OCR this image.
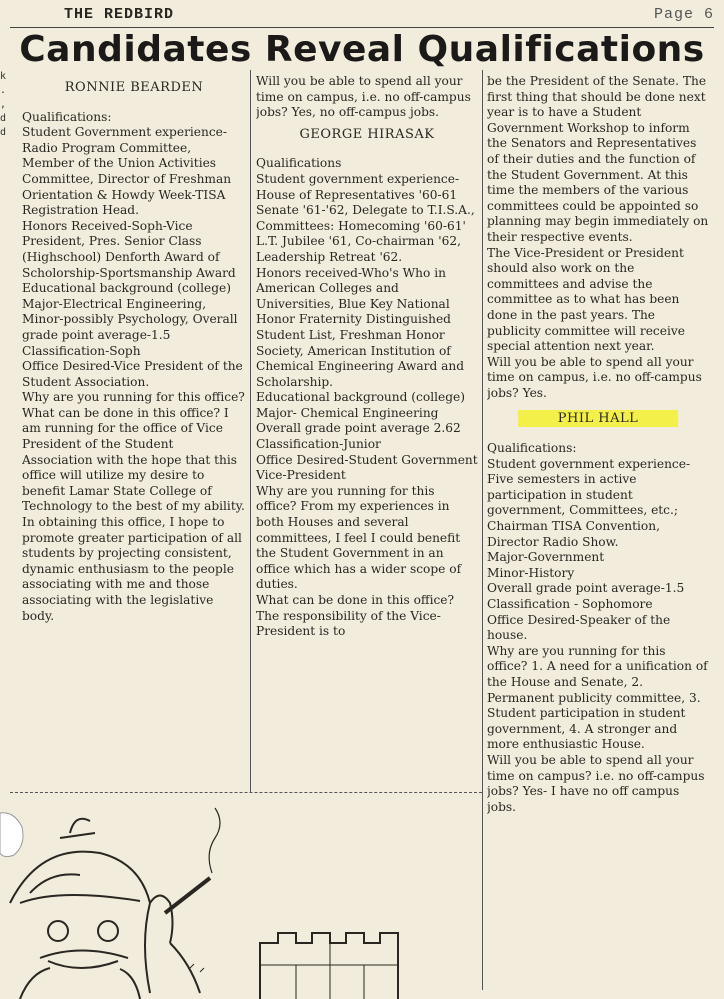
THE REDBIRD	Page 6
Candidates Reveal Qualifications

k
.
,
d
d

RONNIE BEARDEN

Qualifications:
Student Government experience-Radio Program Committee, Member of the Union Activities Committee, Director of Freshman Orientation & Howdy Week-TISA Registration Head.
Honors Received-Soph-Vice President, Pres. Senior Class (Highschool) Denforth Award of Scholorship-Sportsmanship Award
Educational background (college) Major-Electrical Engineering, Minor-possibly Psychology, Overall grade point average-1.5
Classification-Soph
Office Desired-Vice President of the Student Association.
Why are you running for this office? What can be done in this office? I am running for the office of Vice President of the Student Association with the hope that this office will utilize my desire to benefit Lamar State College of Technology to the best of my ability. In obtaining this office, I hope to promote greater participation of all students by projecting consistent, dynamic enthusiasm to the people associating with me and those associating with the legislative body.

Will you be able to spend all your time on campus, i.e. no off-campus jobs? Yes, no off-campus jobs.

GEORGE HIRASAK

Qualifications
Student government experience- House of Representatives '60-61 Senate '61-'62, Delegate to T.I.S.A., Committees: Homecoming '60-61' L.T. Jubilee '61, Co-chairman '62, Leadership Retreat '62.
Honors received-Who's Who in American Colleges and Universities, Blue Key National Honor Fraternity Distinguished Student List, Freshman Honor Society, American Institution of Chemical Engineering Award and Scholarship.
Educational background (college) Major- Chemical Engineering
Overall grade point average 2.62
Classification-Junior
Office Desired-Student Government Vice-President
Why are you running for this office? From my experiences in both Houses and several committees, I feel I could benefit the Student Government in an office which has a wider scope of duties.
What can be done in this office? The responsibility of the Vice-President is to

be the President of the Senate. The first thing that should be done next year is to have a Student Government Workshop to inform the Senators and Representatives of their duties and the function of the Student Government. At this time the members of the various committees could be appointed so planning may begin immediately on their respective events.
The Vice-President or President should also work on the committees and advise the committee as to what has been done in the past years. The publicity committee will receive special attention next year.
Will you be able to spend all your time on campus, i.e. no off-campus jobs? Yes.

PHIL HALL

Qualifications:
Student government experience-Five semesters in active participation in student government, Committees, etc.; Chairman TISA Convention, Director Radio Show.
Major-Government
Minor-History
Overall grade point average-1.5
Classification - Sophomore
Office Desired-Speaker of the house.
Why are you running for this office? 1. A need for a unification of the House and Senate, 2. Permanent publicity committee, 3. Student participation in student government, 4. A stronger and more enthusiastic House.
Will you be able to spend all your time on campus? i.e. no off-campus jobs? Yes- I have no off campus jobs.
